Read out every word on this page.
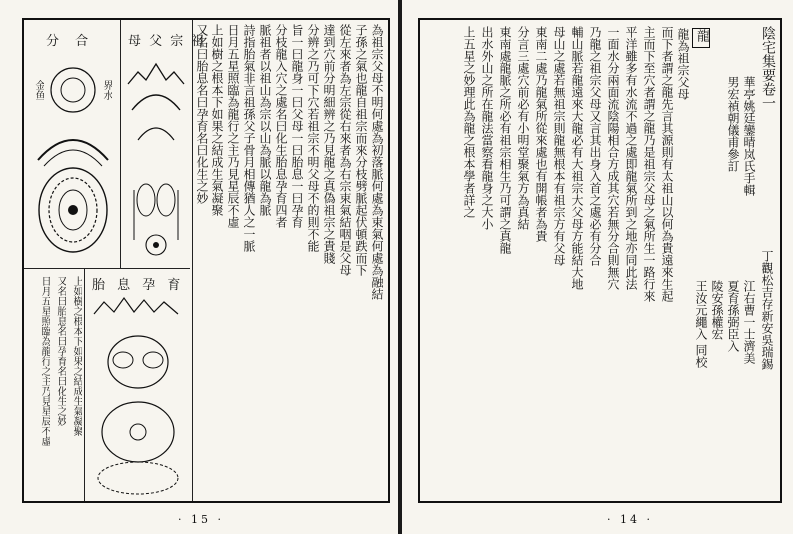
為祖宗父母不明何處為初落脈何處為束氣何處為融結
子孫之氣也龍自祖宗而來分枝劈脈起伏頓跌而下
從左來者為左宗從右來者為右宗束氣結咽是父母
達到穴前分明細辨之乃見龍之真偽祖宗之貴賤
分辨之乃可下穴若祖宗不明父母不的則不能
旨一曰龍身一曰父母一曰胎息一曰孕育
分枝龍入穴之處名曰化生胎息孕育四者
脈祖者以祖山為宗以山為脈以龍為脈
詩指胎氣非言祖孫父子骨月相傳猶人之一脈
日月五星照臨為龍行之主乃見星辰不虛
上如樹之根本下如果之結成生氣凝聚
又名曰胎息名曰孕育名曰化生之妙
分 合
金鱼	界水
母 父 宗 祖
胎 息 孕 育
上如樹之根本下如果之結成生氣凝聚
又名曰胎息名曰孕育名曰化生之妙
日月五星照臨為龍行之主乃見星辰不虛
· 15 ·
陰宅集要卷一
華亭姚廷鑾晴岚氏手輯
男宏禎朝儀甫參訂
江右曹一士濟美 丁觀松吉存新安吳瑞錫
夏育孫弼臣入
陵安孫權宏
王汝元繩入 同校
龍
龍為祖宗父母
而下者謂之龍先言其源則有太祖山以何為貴遠來生起
主而下至穴者謂之龍乃是祖宗父母之氣所生一路行來
平洋雖多有水流不過之處即龍氣所到之地亦同此法
一面水分兩面流陰陽相合方成其穴若無分合則無穴
乃龍之祖宗父母又言其出身入首之處必有分合
輔山脈若龍遠來大龍必有大祖宗大父母方能結大地
母山之處若無祖宗則龍無根本有祖宗方有父母
東南二處乃龍氣所從來處也有開帳者為貴
分言三處穴前必有小明堂聚氣方為真結
東南處龍脈之所必有祖宗相生乃可謂之真龍
出水外山之所在龍法當察看龍身之大小
上五星之妙理此為龍之根本學者詳之
· 14 ·
